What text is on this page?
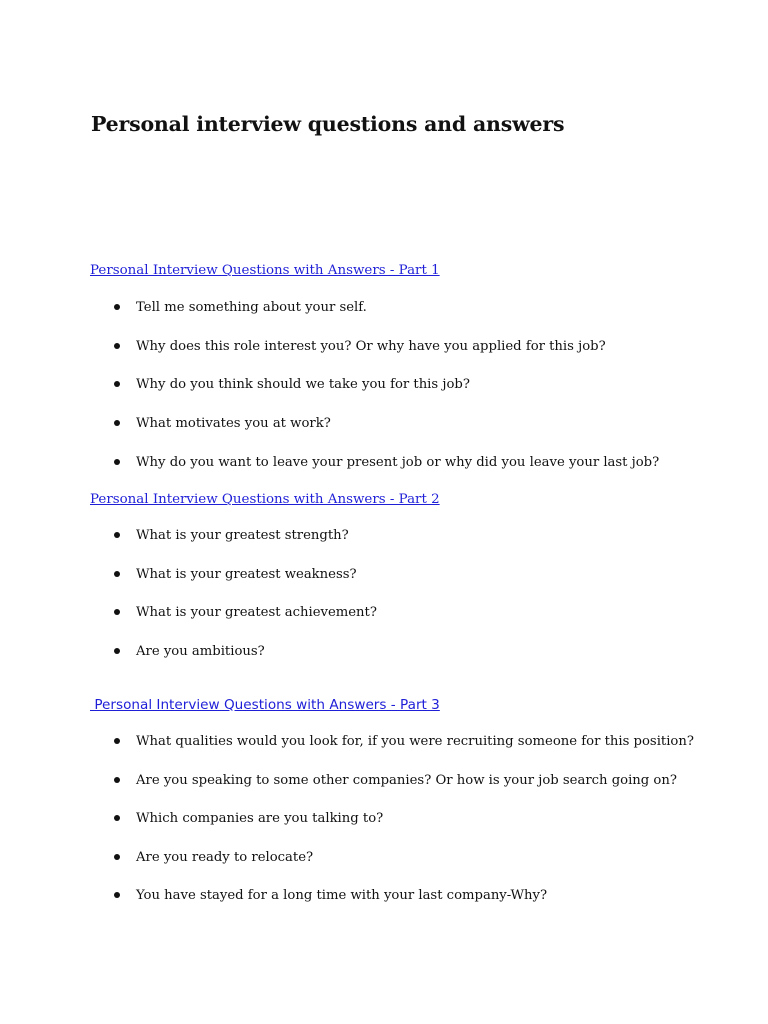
Personal interview questions and answers
Personal Interview Questions with Answers - Part 1
Tell me something about your self.
Why does this role interest you? Or why have you applied for this job?
Why do you think should we take you for this job?
What motivates you at work?
Why do you want to leave your present job or why did you leave your last job?
Personal Interview Questions with Answers - Part 2
What is your greatest strength?
What is your greatest weakness?
What is your greatest achievement?
Are you ambitious?
Personal Interview Questions with Answers - Part 3
What qualities would you look for, if you were recruiting someone for this position?
Are you speaking to some other companies? Or how is your job search going on?
Which companies are you talking to?
Are you ready to relocate?
You have stayed for a long time with your last company-Why?
